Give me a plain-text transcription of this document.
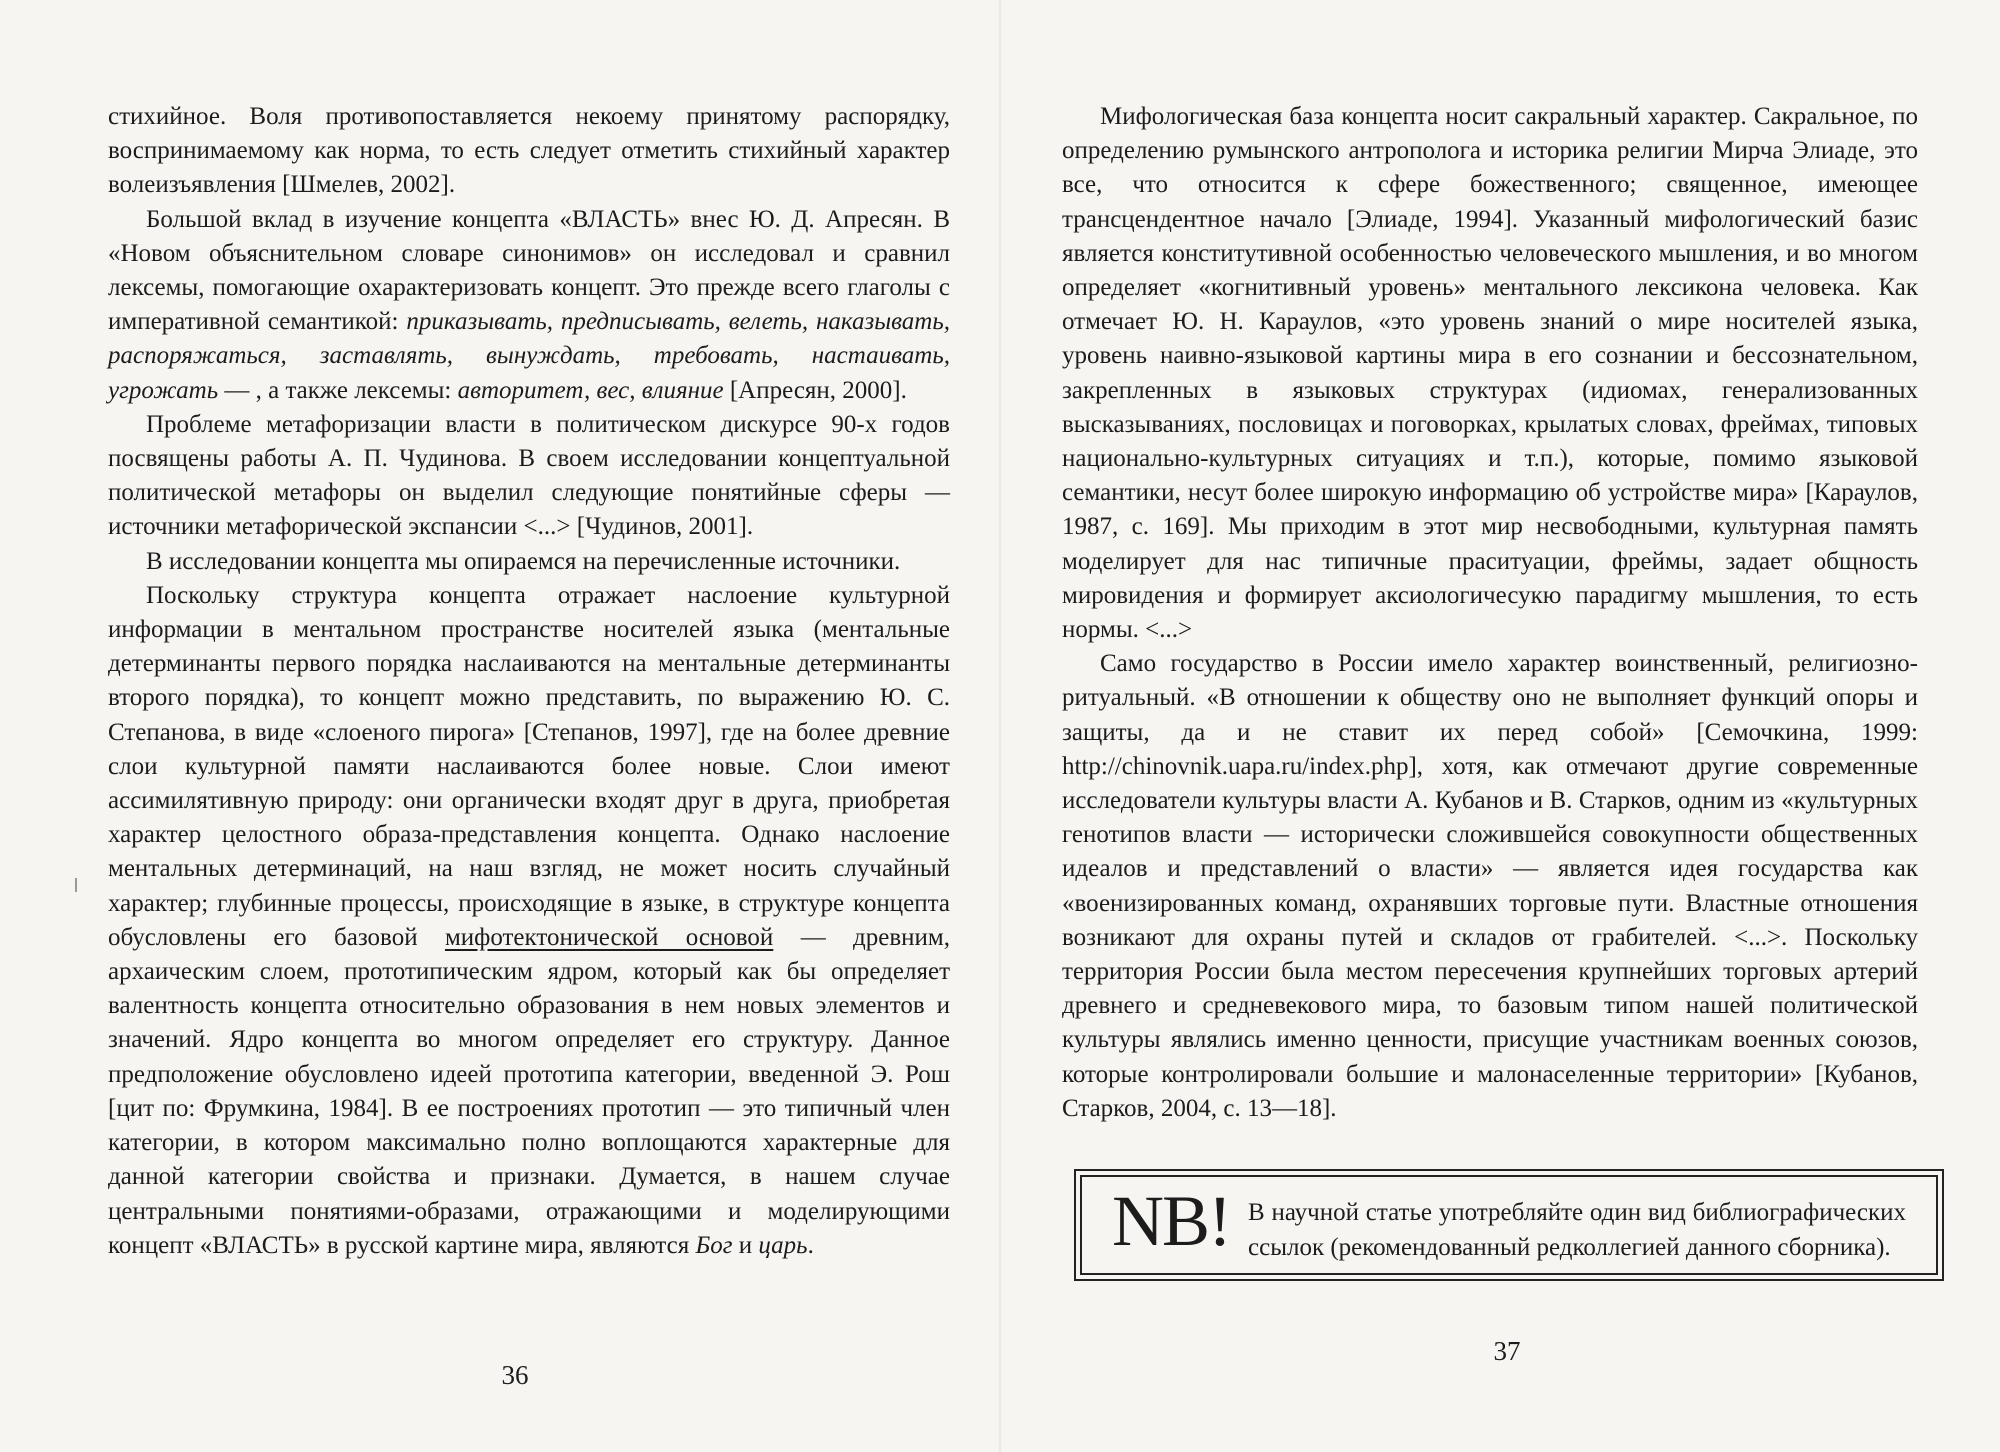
стихийное. Воля противопоставляется некоему принятому распорядку, воспринимаемому как норма, то есть следует отметить стихийный характер волеизъявления [Шмелев, 2002].

Большой вклад в изучение концепта «ВЛАСТЬ» внес Ю. Д. Апресян. В «Новом объяснительном словаре синонимов» он исследовал и сравнил лексемы, помогающие охарактеризовать концепт. Это прежде всего глаголы с императивной семантикой: приказывать, предписывать, велеть, наказывать, распоряжаться, заставлять, вынуждать, требовать, настаивать, угрожать — , а также лексемы: авторитет, вес, влияние [Апресян, 2000].

Проблеме метафоризации власти в политическом дискурсе 90-х годов посвящены работы А. П. Чудинова. В своем исследовании концептуальной политической метафоры он выделил следующие понятийные сферы — источники метафорической экспансии <...> [Чудинов, 2001].

В исследовании концепта мы опираемся на перечисленные источники.

Поскольку структура концепта отражает наслоение культурной информации в ментальном пространстве носителей языка (ментальные детерминанты первого порядка наслаиваются на ментальные детерминанты второго порядка), то концепт можно представить, по выражению Ю. С. Степанова, в виде «слоеного пирога» [Степанов, 1997], где на более древние слои культурной памяти наслаиваются более новые. Слои имеют ассимилятивную природу: они органически входят друг в друга, приобретая характер целостного образа-представления концепта. Однако наслоение ментальных детерминаций, на наш взгляд, не может носить случайный характер; глубинные процессы, происходящие в языке, в структуре концепта обусловлены его базовой мифотектонической основой — древним, архаическим слоем, прототипическим ядром, который как бы определяет валентность концепта относительно образования в нем новых элементов и значений. Ядро концепта во многом определяет его структуру. Данное предположение обусловлено идеей прототипа категории, введенной Э. Рош [цит по: Фрумкина, 1984]. В ее построениях прототип — это типичный член категории, в котором максимально полно воплощаются характерные для данной категории свойства и признаки. Думается, в нашем случае центральными понятиями-образами, отражающими и моделирующими концепт «ВЛАСТЬ» в русской картине мира, являются Бог и царь.

Мифологическая база концепта носит сакральный характер. Сакральное, по определению румынского антрополога и историка религии Мирча Элиаде, это все, что относится к сфере божественного; священное, имеющее трансцендентное начало [Элиаде, 1994]. Указанный мифологический базис является конститутивной особенностью человеческого мышления, и во многом определяет «когнитивный уровень» ментального лексикона человека. Как отмечает Ю. Н. Караулов, «это уровень знаний о мире носителей языка, уровень наивно-языковой картины мира в его сознании и бессознательном, закрепленных в языковых структурах (идиомах, генерализованных высказываниях, пословицах и поговорках, крылатых словах, фреймах, типовых национально-культурных ситуациях и т.п.), которые, помимо языковой семантики, несут более широкую информацию об устройстве мира» [Караулов, 1987, с. 169]. Мы приходим в этот мир несвободными, культурная память моделирует для нас типичные праситуации, фреймы, задает общность мировидения и формирует аксиологичесукю парадигму мышления, то есть нормы. <...>

Само государство в России имело характер воинственный, религиозно-ритуальный. «В отношении к обществу оно не выполняет функций опоры и защиты, да и не ставит их перед собой» [Семочкина, 1999: http://chinovnik.uapa.ru/index.php], хотя, как отмечают другие современные исследователи культуры власти А. Кубанов и В. Старков, одним из «культурных генотипов власти — исторически сложившейся совокупности общественных идеалов и представлений о власти» — является идея государства как «военизированных команд, охранявших торговые пути. Властные отношения возникают для охраны путей и складов от грабителей. <...>. Поскольку территория России была местом пересечения крупнейших торговых артерий древнего и средневекового мира, то базовым типом нашей политической культуры являлись именно ценности, присущие участникам военных союзов, которые контролировали большие и малонаселенные территории» [Кубанов, Старков, 2004, с. 13—18].

36
37
NB! В научной статье употребляйте один вид библиографических ссылок (рекомендованный редколлегией данного сборника).
